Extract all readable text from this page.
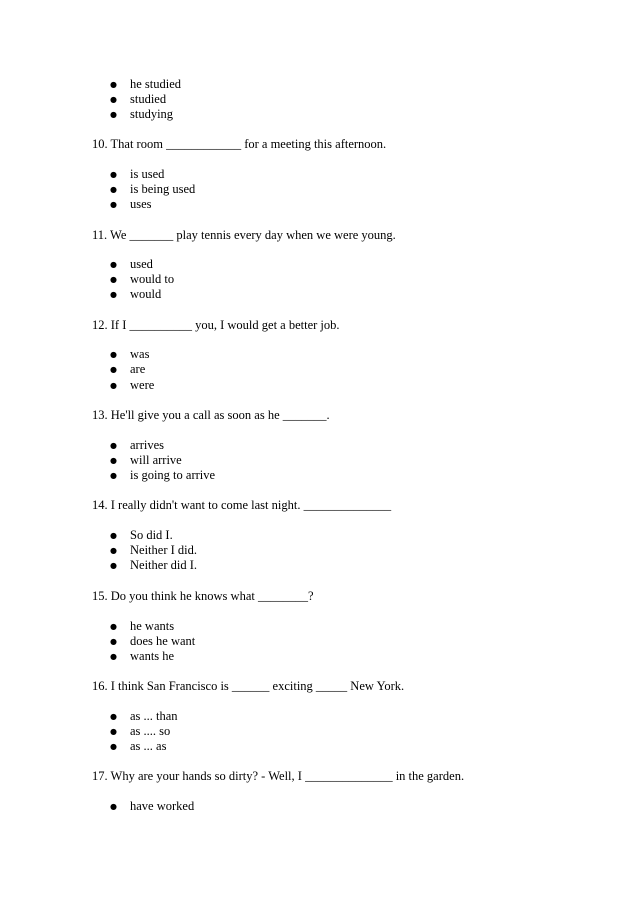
● he studied
● studied
● studying
10. That room ____________ for a meeting this afternoon.
● is used
● is being used
● uses
11. We _______ play tennis every day when we were young.
● used
● would to
● would
12. If I __________ you, I would get a better job.
● was
● are
● were
13. He'll give you a call as soon as he _______.
● arrives
● will arrive
● is going to arrive
14. I really didn't want to come last night. ______________
● So did I.
● Neither I did.
● Neither did I.
15. Do you think he knows what ________?
● he wants
● does he want
● wants he
16. I think San Francisco is ______ exciting _____ New York.
● as ... than
● as .... so
● as ... as
17. Why are your hands so dirty? - Well, I ______________ in the garden.
● have worked
